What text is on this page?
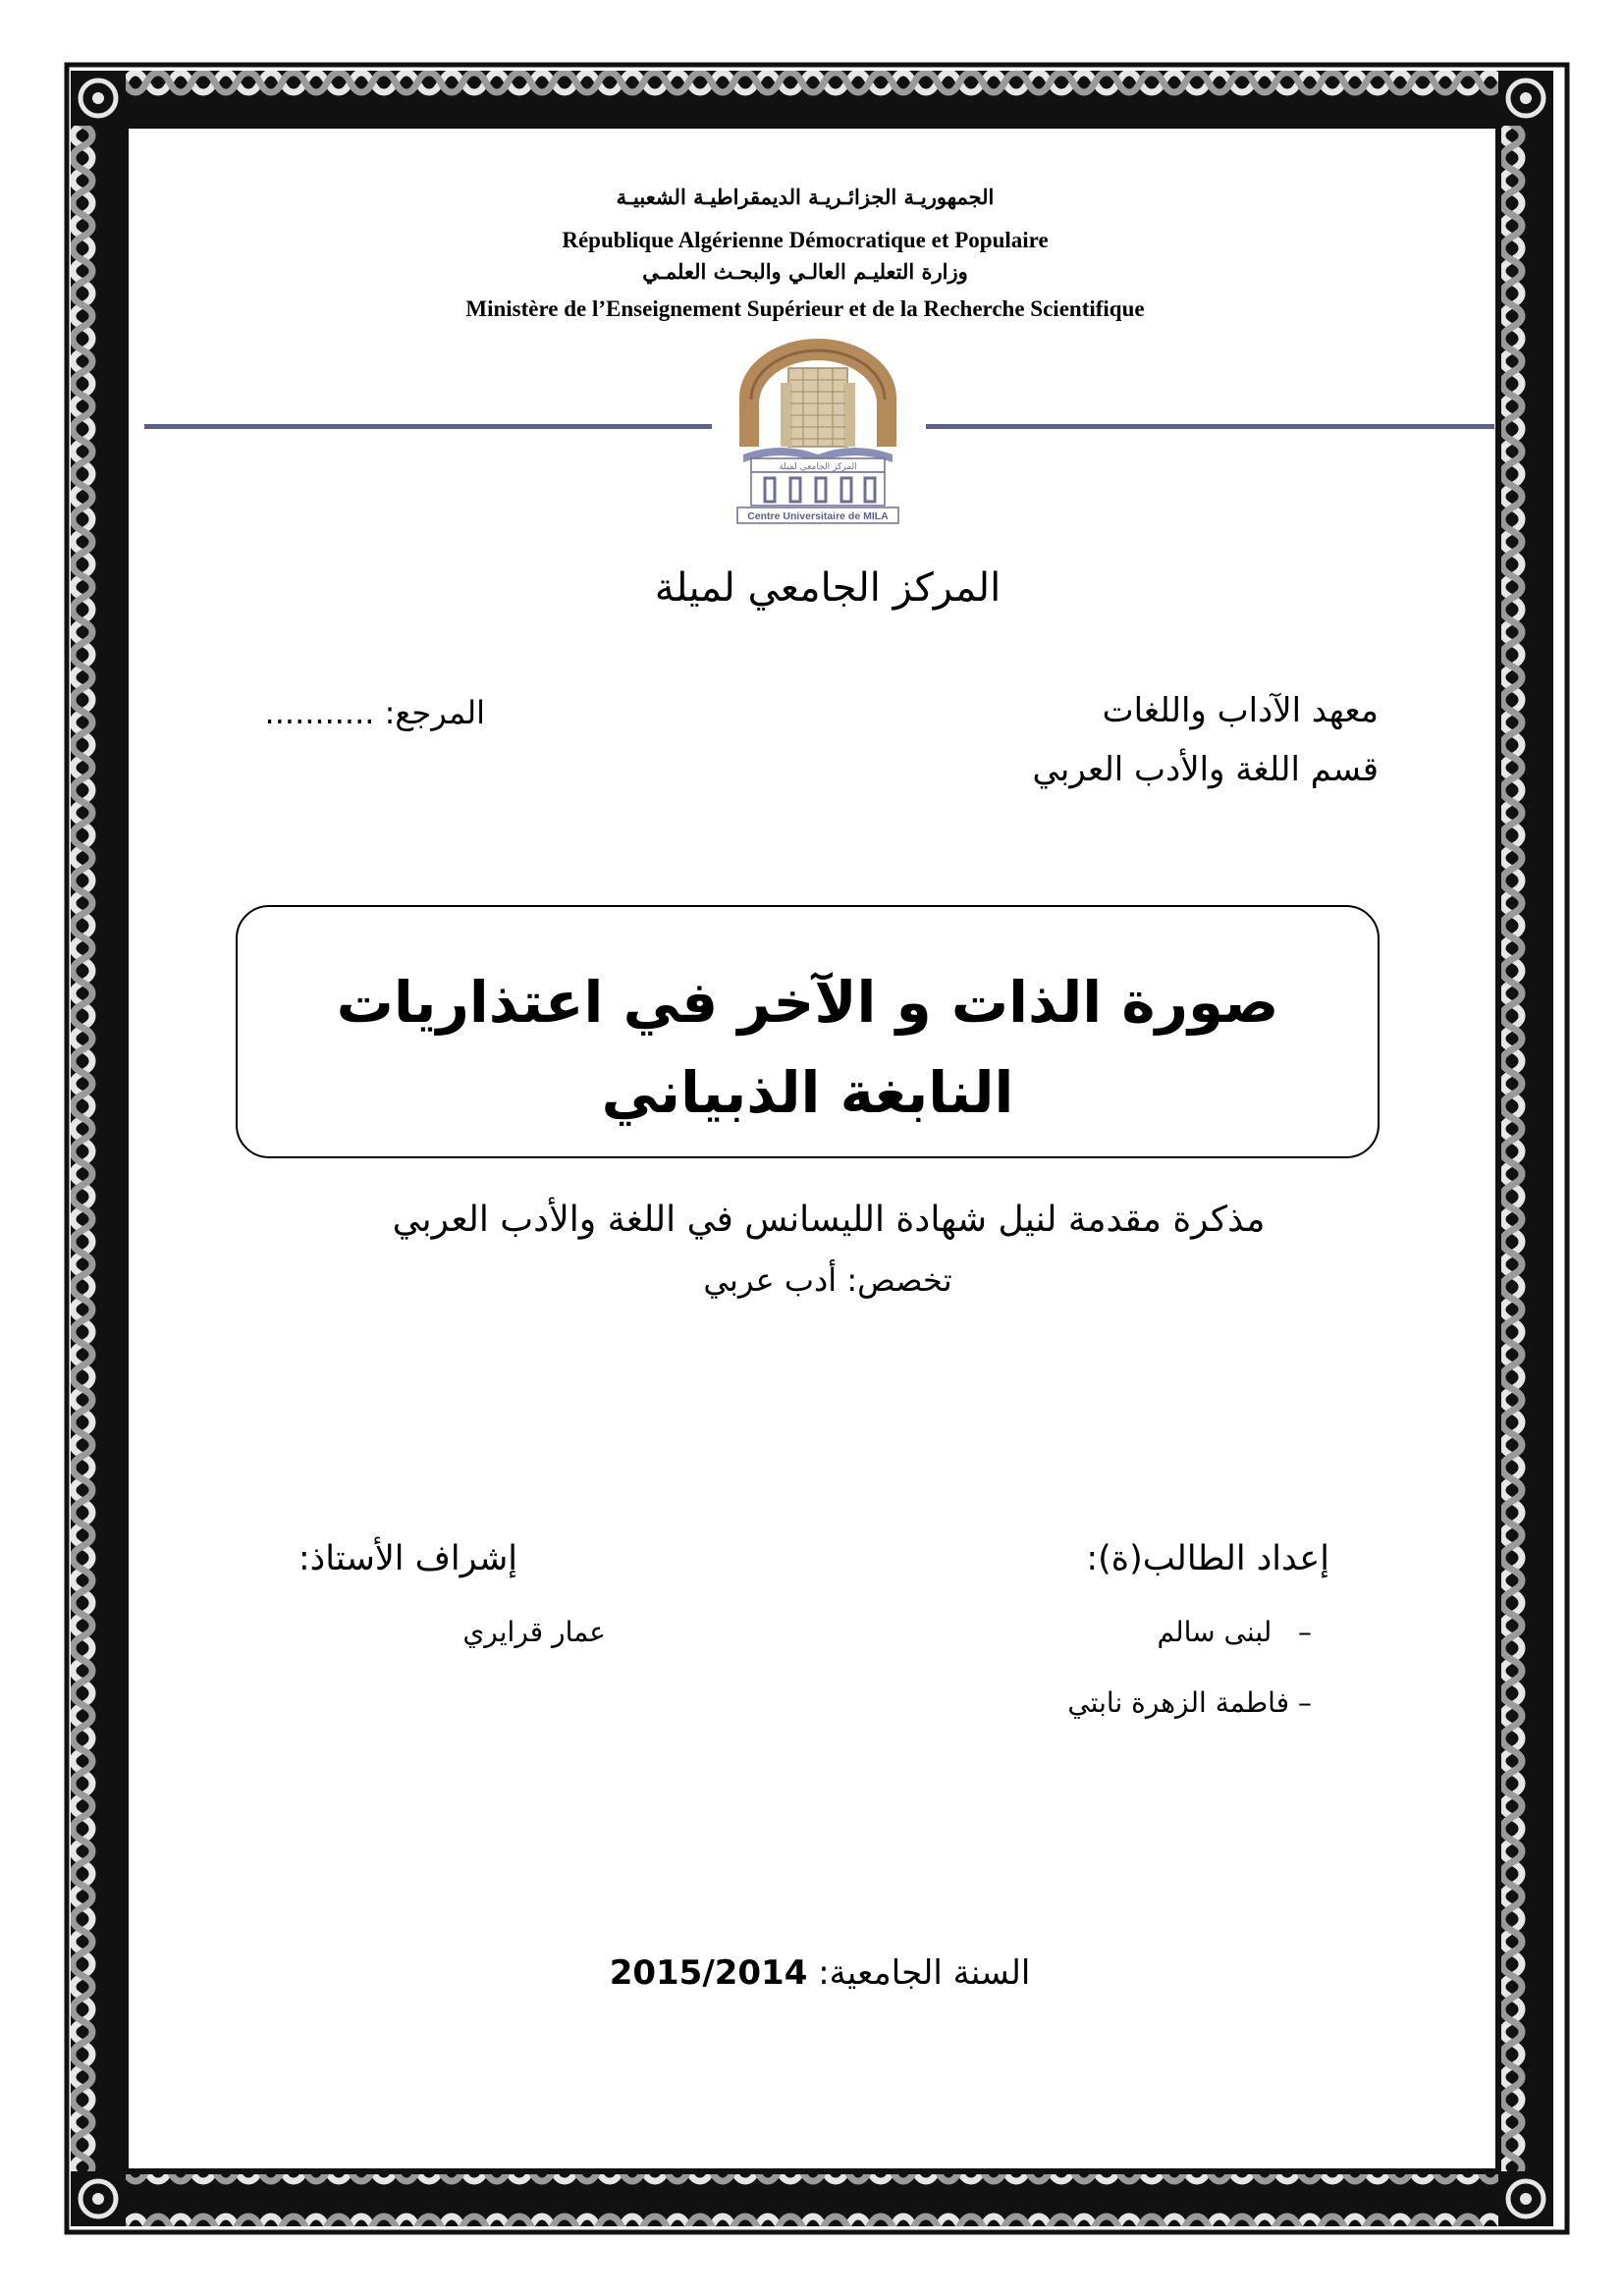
الجمهوريـة الجزائـريـة الديمقراطيـة الشعبيـة
République Algérienne Démocratique et Populaire
وزارة التعليـم العالـي والبحـث العلمـي
Ministère de l’Enseignement Supérieur et de la Recherche Scientifique
المركز الجامعي لميلة
Centre Universitaire de MILA
المركز الجامعي لميلة
معهد الآداب واللغات
قسم اللغة والأدب العربي
المرجع: ...........
صورة الذات و الآخر في اعتذاريات
النابغة الذبياني
مذكرة مقدمة لنيل شهادة الليسانس في اللغة والأدب العربي
تخصص: أدب عربي
إعداد الطالب(ة):
–   لبنى سالم
– فاطمة الزهرة نابتي
إشراف الأستاذ:
عمار قرايري
السنة الجامعية: 2015/2014
